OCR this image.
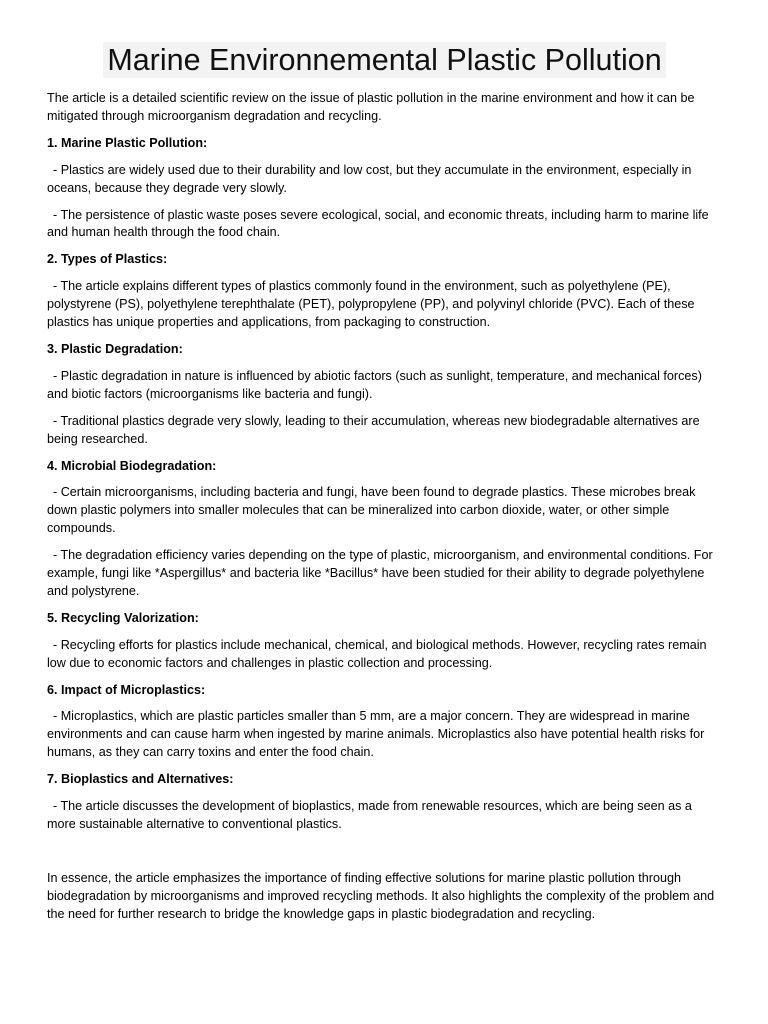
Marine Environnemental Plastic Pollution

The article is a detailed scientific review on the issue of plastic pollution in the marine environment and how it can be mitigated through microorganism degradation and recycling.

1. Marine Plastic Pollution:

- Plastics are widely used due to their durability and low cost, but they accumulate in the environment, especially in oceans, because they degrade very slowly.

- The persistence of plastic waste poses severe ecological, social, and economic threats, including harm to marine life and human health through the food chain.

2. Types of Plastics:

- The article explains different types of plastics commonly found in the environment, such as polyethylene (PE), polystyrene (PS), polyethylene terephthalate (PET), polypropylene (PP), and polyvinyl chloride (PVC). Each of these plastics has unique properties and applications, from packaging to construction.

3. Plastic Degradation:

- Plastic degradation in nature is influenced by abiotic factors (such as sunlight, temperature, and mechanical forces) and biotic factors (microorganisms like bacteria and fungi).

- Traditional plastics degrade very slowly, leading to their accumulation, whereas new biodegradable alternatives are being researched.

4. Microbial Biodegradation:

- Certain microorganisms, including bacteria and fungi, have been found to degrade plastics. These microbes break down plastic polymers into smaller molecules that can be mineralized into carbon dioxide, water, or other simple compounds.

- The degradation efficiency varies depending on the type of plastic, microorganism, and environmental conditions. For example, fungi like *Aspergillus* and bacteria like *Bacillus* have been studied for their ability to degrade polyethylene and polystyrene.

5. Recycling Valorization:

- Recycling efforts for plastics include mechanical, chemical, and biological methods. However, recycling rates remain low due to economic factors and challenges in plastic collection and processing.

6. Impact of Microplastics:

- Microplastics, which are plastic particles smaller than 5 mm, are a major concern. They are widespread in marine environments and can cause harm when ingested by marine animals. Microplastics also have potential health risks for humans, as they can carry toxins and enter the food chain.

7. Bioplastics and Alternatives:

- The article discusses the development of bioplastics, made from renewable resources, which are being seen as a more sustainable alternative to conventional plastics.

In essence, the article emphasizes the importance of finding effective solutions for marine plastic pollution through biodegradation by microorganisms and improved recycling methods. It also highlights the complexity of the problem and the need for further research to bridge the knowledge gaps in plastic biodegradation and recycling.
